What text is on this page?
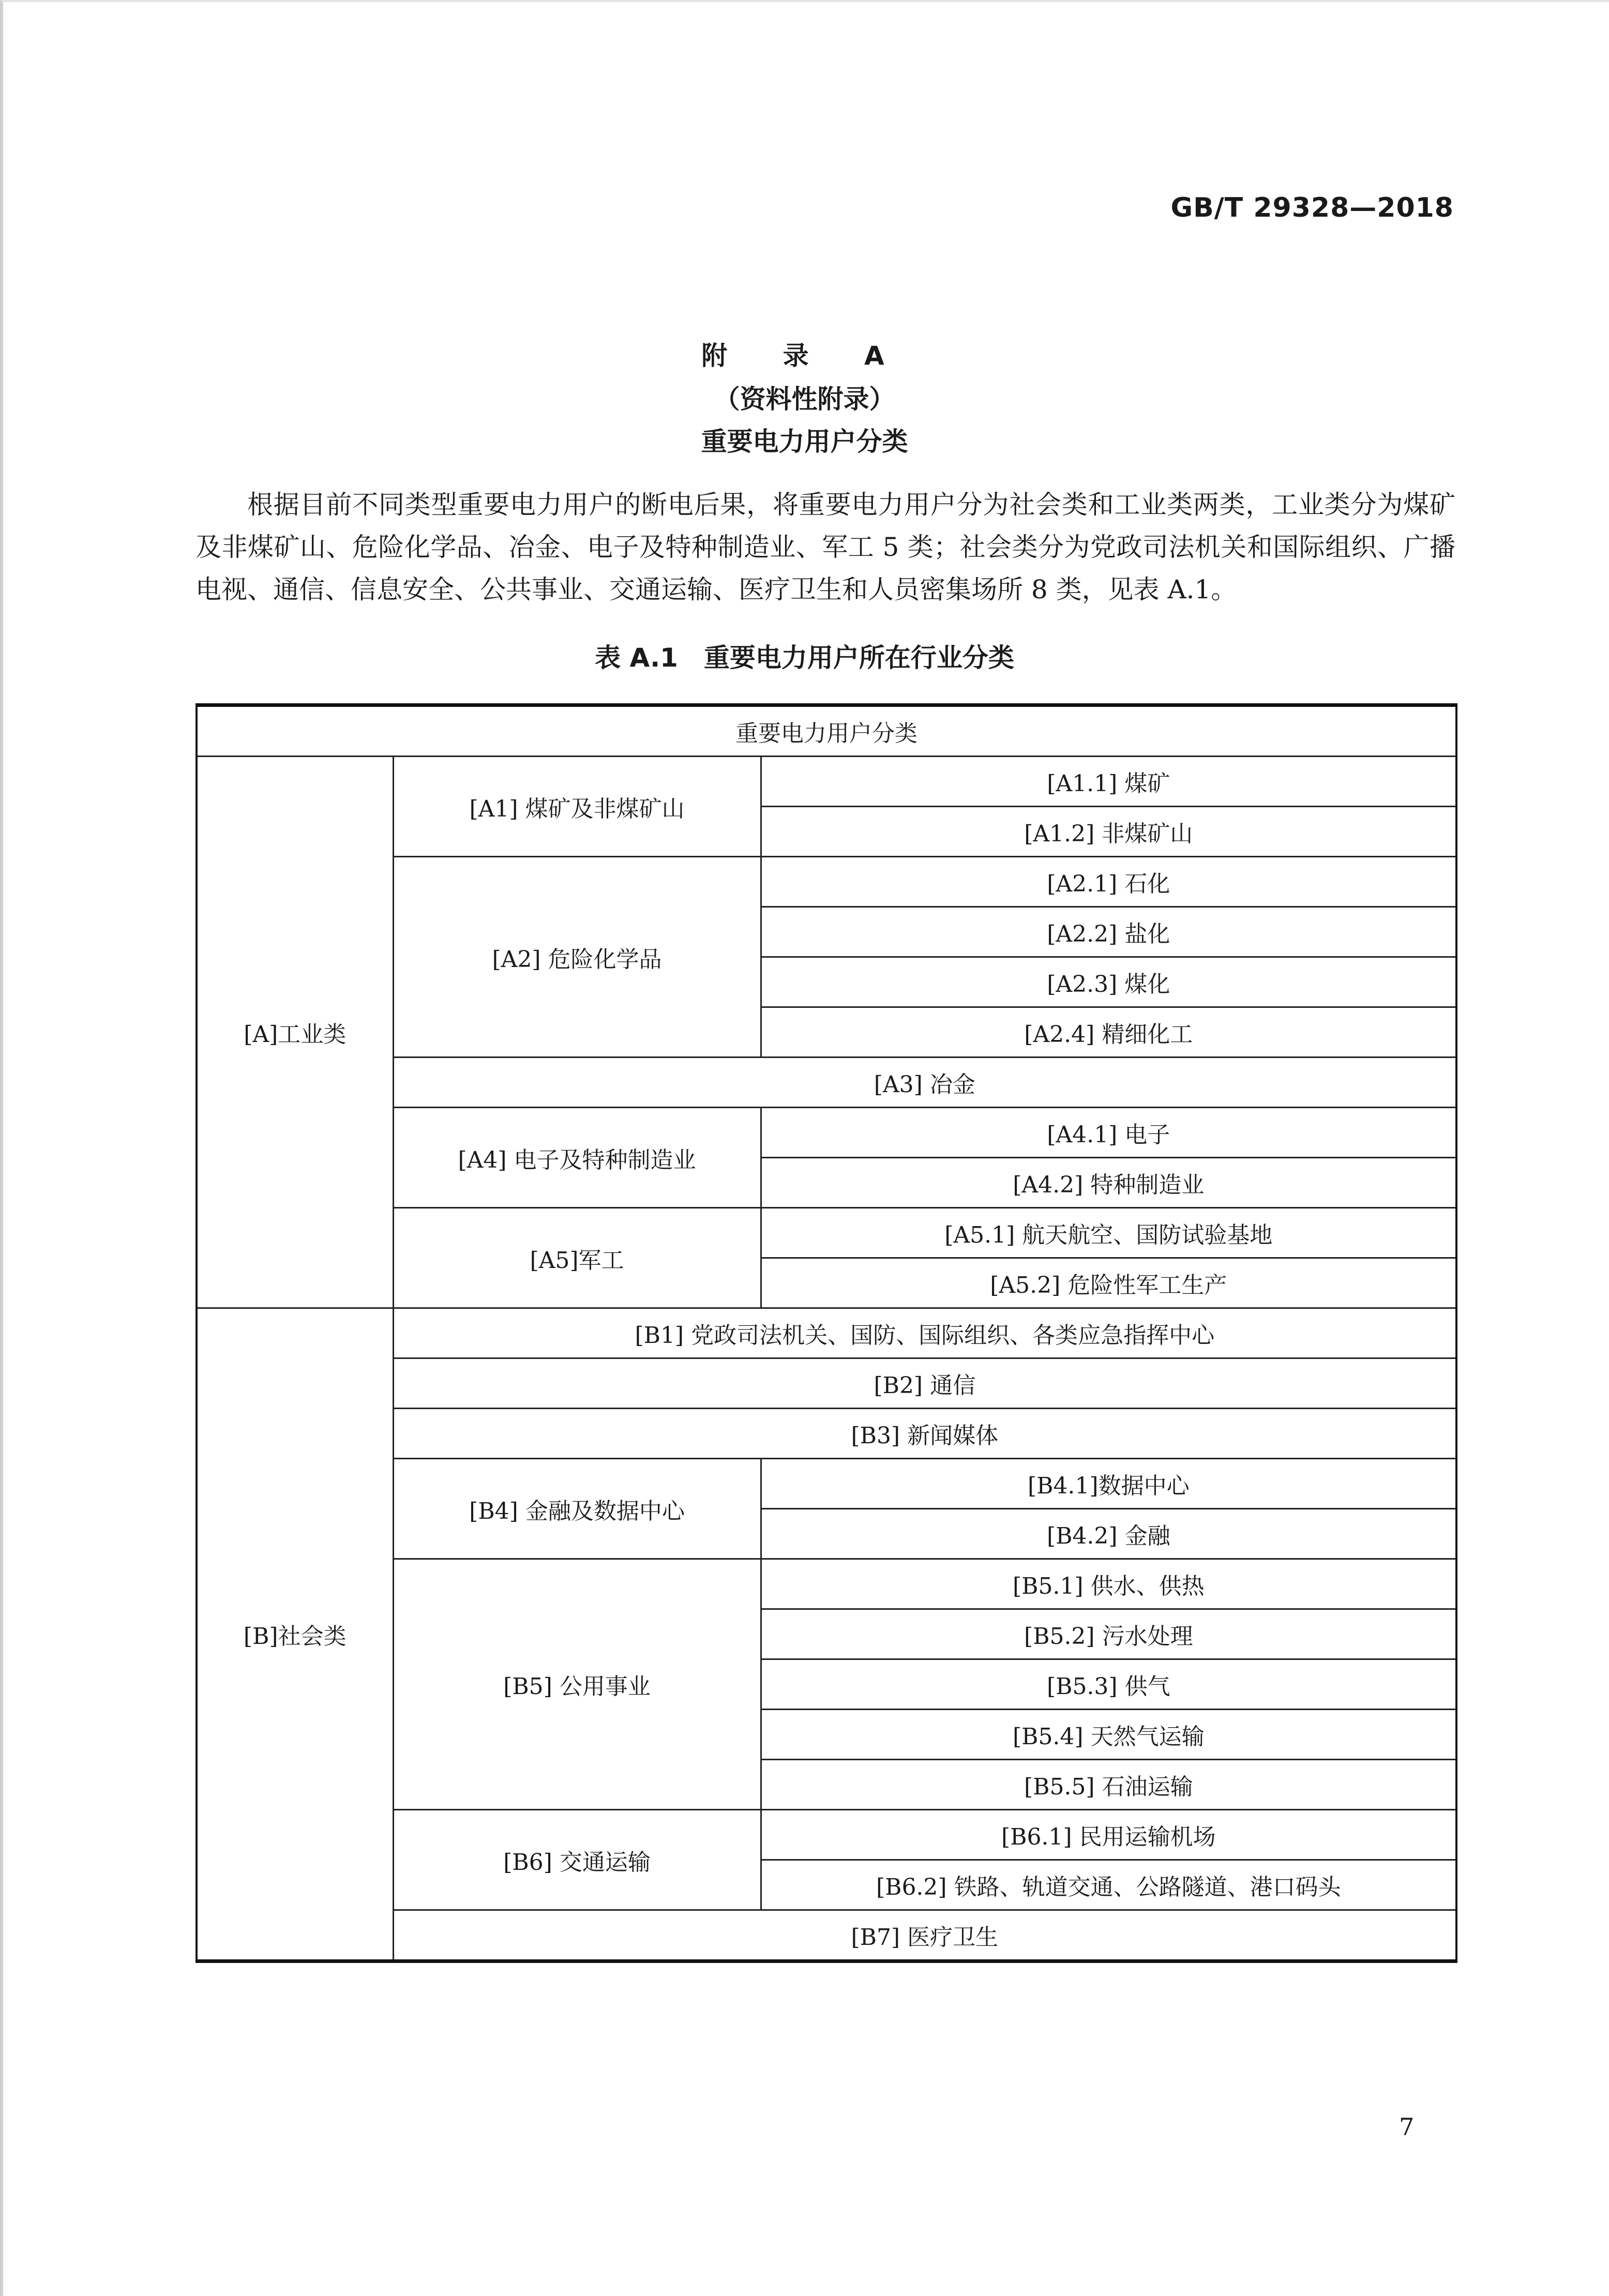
GB/T 29328—2018
附 录 A
（资料性附录）
重要电力用户分类

根据目前不同类型重要电力用户的断电后果，将重要电力用户分为社会类和工业类两类，工业类分为煤矿及非煤矿山、危险化学品、冶金、电子及特种制造业、军工 5 类；社会类分为党政司法机关和国际组织、广播电视、通信、信息安全、公共事业、交通运输、医疗卫生和人员密集场所 8 类，见表 A.1。

表 A.1　重要电力用户所在行业分类
重要电力用户分类		
[A]工业类	[A1] 煤矿及非煤矿山	[A1.1] 煤矿
		[A1.2] 非煤矿山
	[A2] 危险化学品	[A2.1] 石化
		[A2.2] 盐化
		[A2.3] 煤化
		[A2.4] 精细化工
	[A3] 冶金	
	[A4] 电子及特种制造业	[A4.1] 电子
		[A4.2] 特种制造业
	[A5]军工	[A5.1] 航天航空、国防试验基地
		[A5.2] 危险性军工生产
[B]社会类	[B1] 党政司法机关、国防、国际组织、各类应急指挥中心	
	[B2] 通信	
	[B3] 新闻媒体	
	[B4] 金融及数据中心	[B4.1]数据中心
		[B4.2] 金融
	[B5] 公用事业	[B5.1] 供水、供热
		[B5.2] 污水处理
		[B5.3] 供气
		[B5.4] 天然气运输
		[B5.5] 石油运输
	[B6] 交通运输	[B6.1] 民用运输机场
		[B6.2] 铁路、轨道交通、公路隧道、港口码头
	[B7] 医疗卫生	
7
